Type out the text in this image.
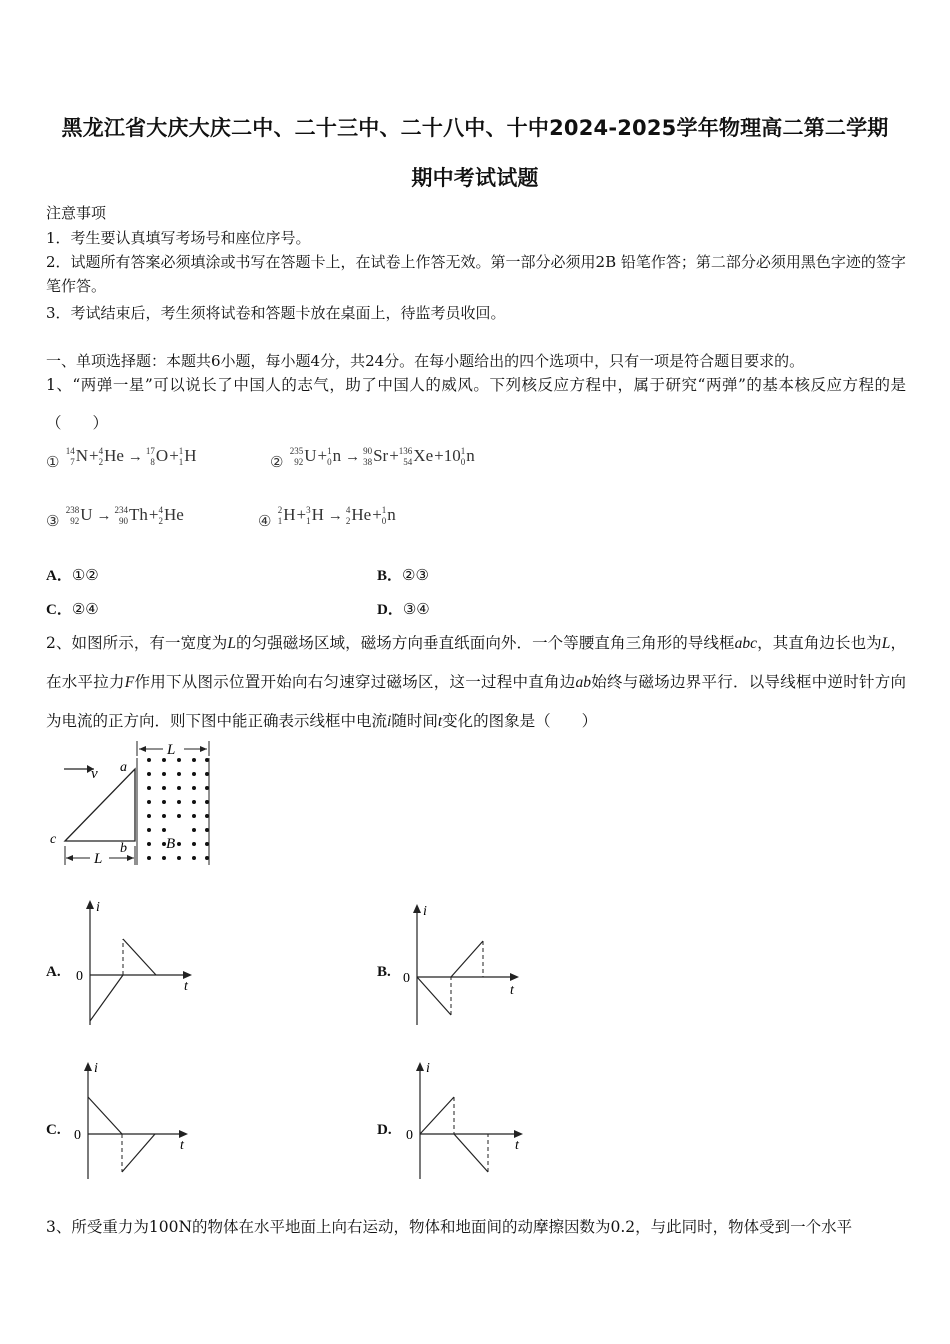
黑龙江省大庆大庆二中、二十三中、二十八中、十中2024-2025学年物理高二第二学期
期中考试试题
注意事项
1．考生要认真填写考场号和座位序号。
2．试题所有答案必须填涂或书写在答题卡上，在试卷上作答无效。第一部分必须用2B 铅笔作答；第二部分必须用黑色字迹的签字笔作答。
3．考试结束后，考生须将试卷和答题卡放在桌面上，待监考员收回。
一、单项选择题：本题共6小题，每小题4分，共24分。在每小题给出的四个选项中，只有一项是符合题目要求的。
1、“两弹一星”可以说长了中国人的志气，助了中国人的威风。下列核反应方程中，属于研究“两弹”的基本核反应方程的是（　　）
①
14
7 N+ 4
2 He → 17
8 O+ 1
1 H	②
235
92 U+ 1
0 n → 90
38 Sr+ 136
54 Xe+10 1
0 n
③
238
92 U → 234
90 Th+ 4
2 He	④
2
1 H+ 3
1 H → 4
2 He+ 1
0 n
A．①②	B．②③
C．②④	D．③④
2、如图所示，有一宽度为L的匀强磁场区域，磁场方向垂直纸面向外．一个等腰直角三角形的导线框abc，其直角边长也为L，在水平拉力F作用下从图示位置开始向右匀速穿过磁场区，这一过程中直角边ab始终与磁场边界平行．以导线框中逆时针方向为电流的正方向．则下图中能正确表示线框中电流i随时间t变化的图象是（　　）
L
v a
b
c	B
L
A.
i
t
0	B.
i
t
0
C.
i
t
0	D.
i
t
0
3、所受重力为100N的物体在水平地面上向右运动，物体和地面间的动摩擦因数为0.2，与此同时，物体受到一个水平
